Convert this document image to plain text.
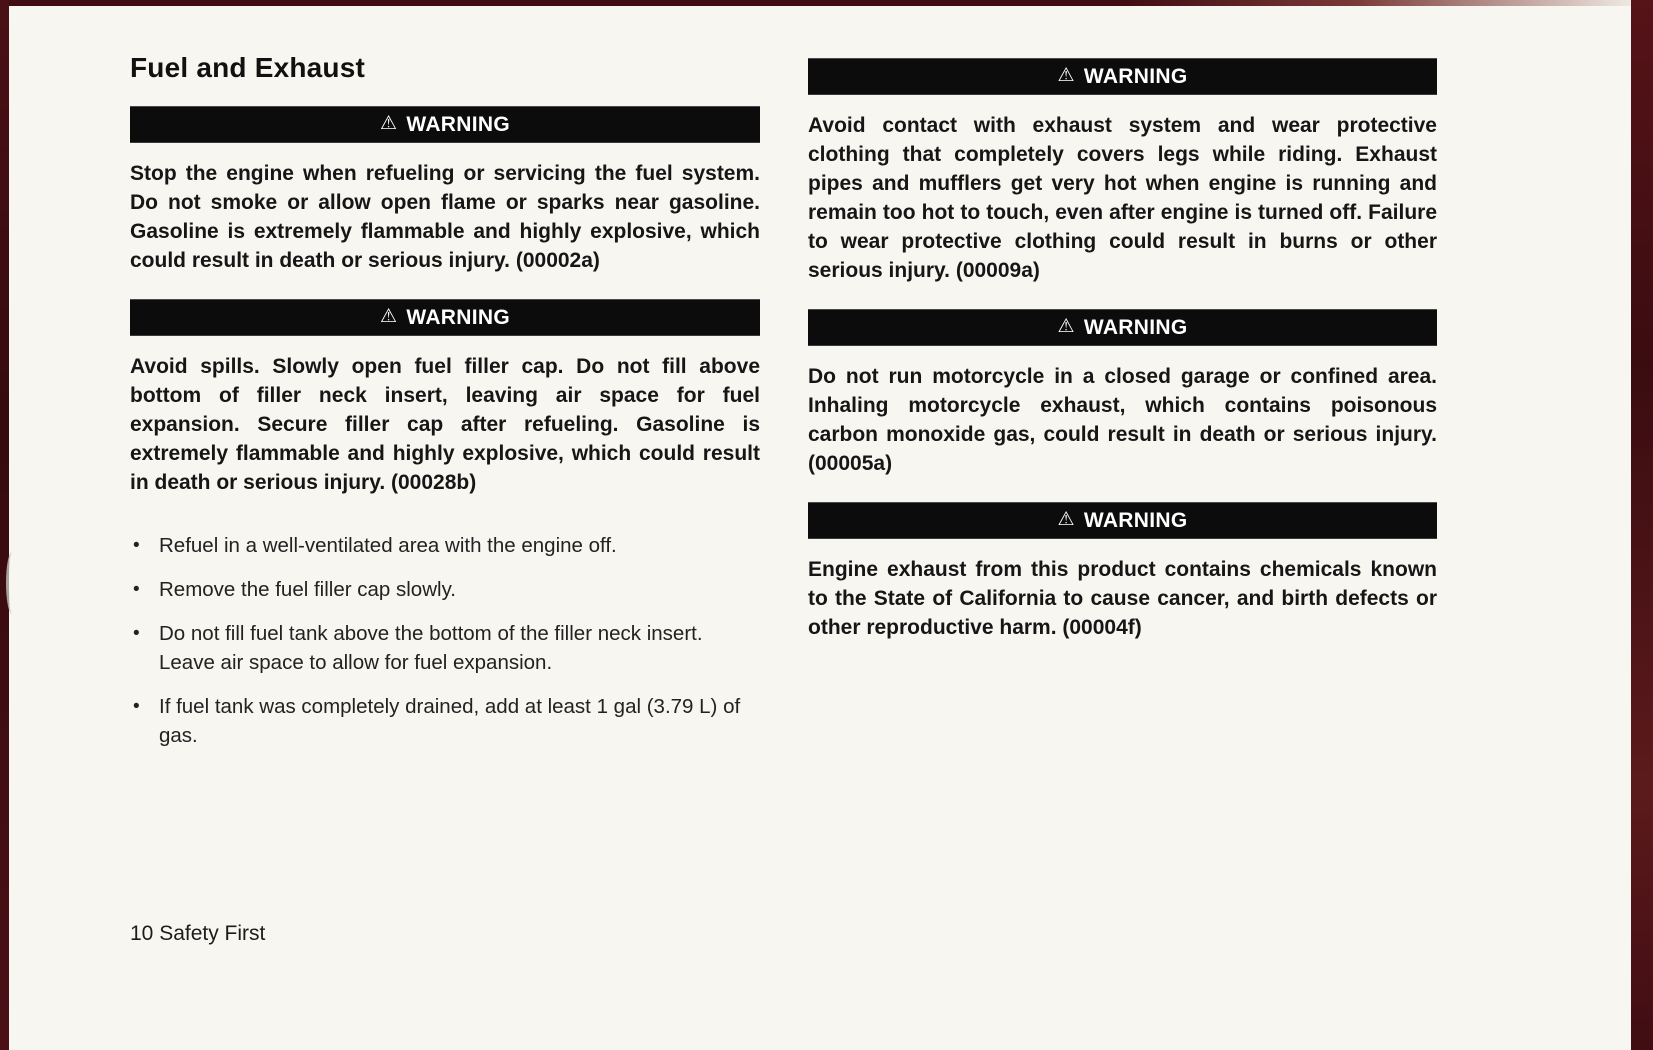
Fuel and Exhaust
⚠ WARNING

Stop the engine when refueling or servicing the fuel system. Do not smoke or allow open flame or sparks near gasoline. Gasoline is extremely flammable and highly explosive, which could result in death or serious injury. (00002a)

⚠ WARNING

Avoid spills. Slowly open fuel filler cap. Do not fill above bottom of filler neck insert, leaving air space for fuel expansion. Secure filler cap after refueling. Gasoline is extremely flammable and highly explosive, which could result in death or serious injury. (00028b)

• Refuel in a well-ventilated area with the engine off.
• Remove the fuel filler cap slowly.
• Do not fill fuel tank above the bottom of the filler neck insert. Leave air space to allow for fuel expansion.
• If fuel tank was completely drained, add at least 1 gal (3.79 L) of gas.
⚠ WARNING

Avoid contact with exhaust system and wear protective clothing that completely covers legs while riding. Exhaust pipes and mufflers get very hot when engine is running and remain too hot to touch, even after engine is turned off. Failure to wear protective clothing could result in burns or other serious injury. (00009a)

⚠ WARNING

Do not run motorcycle in a closed garage or confined area. Inhaling motorcycle exhaust, which contains poisonous carbon monoxide gas, could result in death or serious injury. (00005a)

⚠ WARNING

Engine exhaust from this product contains chemicals known to the State of California to cause cancer, and birth defects or other reproductive harm. (00004f)

10 Safety First
